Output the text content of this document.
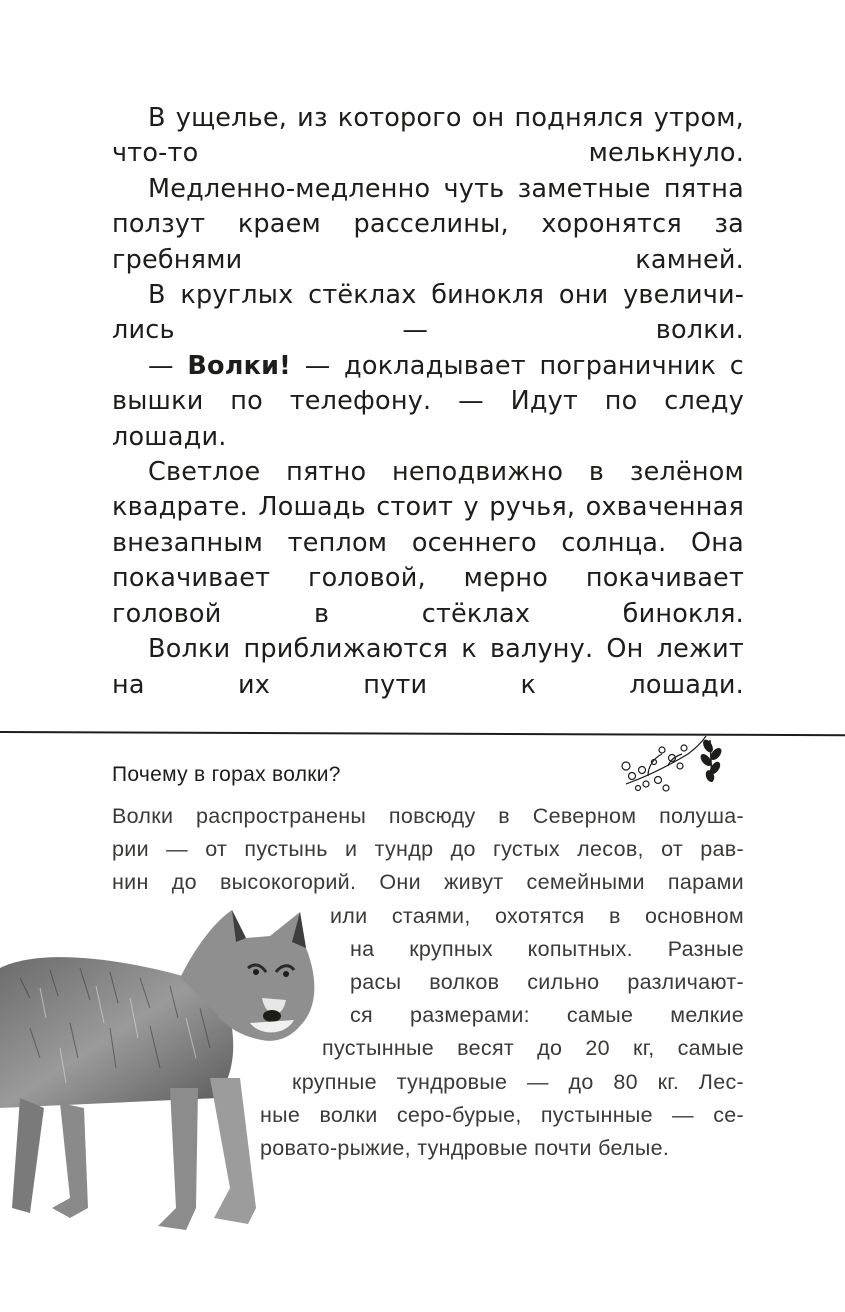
В ущелье, из которого он поднялся утром, что-то мелькнуло.

Медленно-медленно чуть заметные пятна ползут краем расселины, хоронятся за гребнями камней.

В круглых стёклах бинокля они увеличились — волки.

— Волки! — докладывает пограничник с вышки по телефону. — Идут по следу лошади.

Светлое пятно неподвижно в зелёном квадрате. Лошадь стоит у ручья, охваченная внезапным теплом осеннего солнца. Она покачивает головой, мерно покачивает головой в стёклах бинокля.

Волки приближаются к валуну. Он лежит на их пути к лошади.

Почему в горах волки?
Волки распространены повсюду в Северном полуша-
рии — от пустынь и тундр до густых лесов, от рав-
нин до высокогорий. Они живут семейными парами
или стаями, охотятся в основном
на крупных копытных. Разные
расы волков сильно различают-
ся размерами: самые мелкие
пустынные весят до 20 кг, самые
крупные тундровые — до 80 кг. Лес-
ные волки серо-бурые, пустынные — се-
ровато-рыжие, тундровые почти белые.
